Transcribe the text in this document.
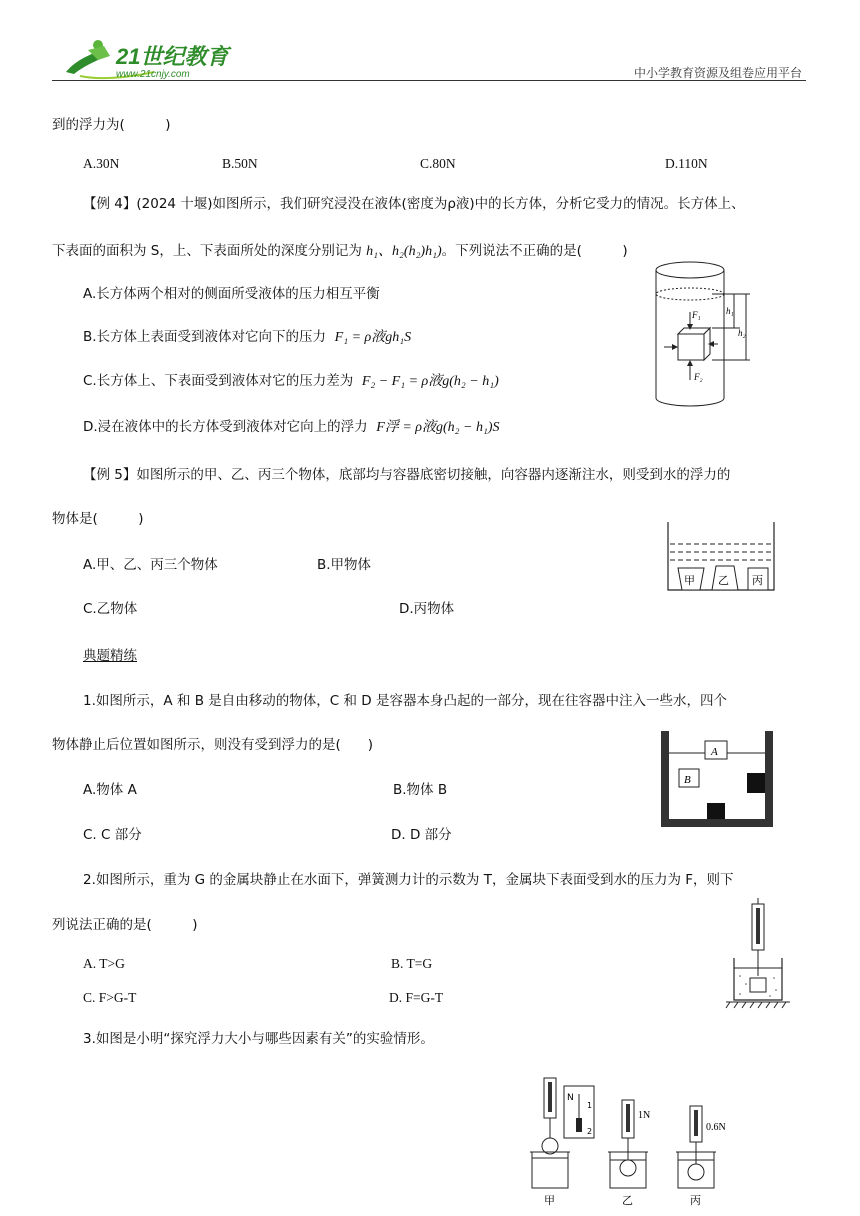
21世纪教育
www.21cnjy.com	中小学教育资源及组卷应用平台
到的浮力为(　　　)
A.30N	B.50N	C.80N	D.110N
【例 4】(2024 十堰)如图所示，我们研究浸没在液体(密度为ρ液)中的长方体，分析它受力的情况。长方体上、
下表面的面积为 S，上、下表面所处的深度分别记为 h₁、h₂(h₂)h₁)。下列说法不正确的是(　　　)
A.长方体两个相对的侧面所受液体的压力相互平衡
B.长方体上表面受到液体对它向下的压力 F₁ = ρ液gh₁S
C.长方体上、下表面受到液体对它的压力差为 F₂ − F₁ = ρ液g(h₂ − h₁)
D.浸在液体中的长方体受到液体对它向上的浮力 F浮 = ρ液g(h₂ − h₁)S
F₁
F₂
h₁
h₂
【例 5】如图所示的甲、乙、丙三个物体，底部均与容器底密切接触，向容器内逐渐注水，则受到水的浮力的
物体是(　　　)
A.甲、乙、丙三个物体	B.甲物体
C.乙物体	D.丙物体
甲 乙 丙
典题精练
1.如图所示，A 和 B 是自由移动的物体，C 和 D 是容器本身凸起的一部分，现在往容器中注入一些水，四个
物体静止后位置如图所示，则没有受到浮力的是(　　)
A.物体 A	B.物体 B
C. C 部分	D. D 部分
A
B
2.如图所示，重为 G 的金属块静止在水面下，弹簧测力计的示数为 T，金属块下表面受到水的压力为 F，则下
列说法正确的是(　　　)
A. T>G	B. T=G
C. F>G-T	D. F=G-T
3.如图是小明“探究浮力大小与哪些因素有关”的实验情形。
N
1
2
甲
1N
乙
0.6N
丙
